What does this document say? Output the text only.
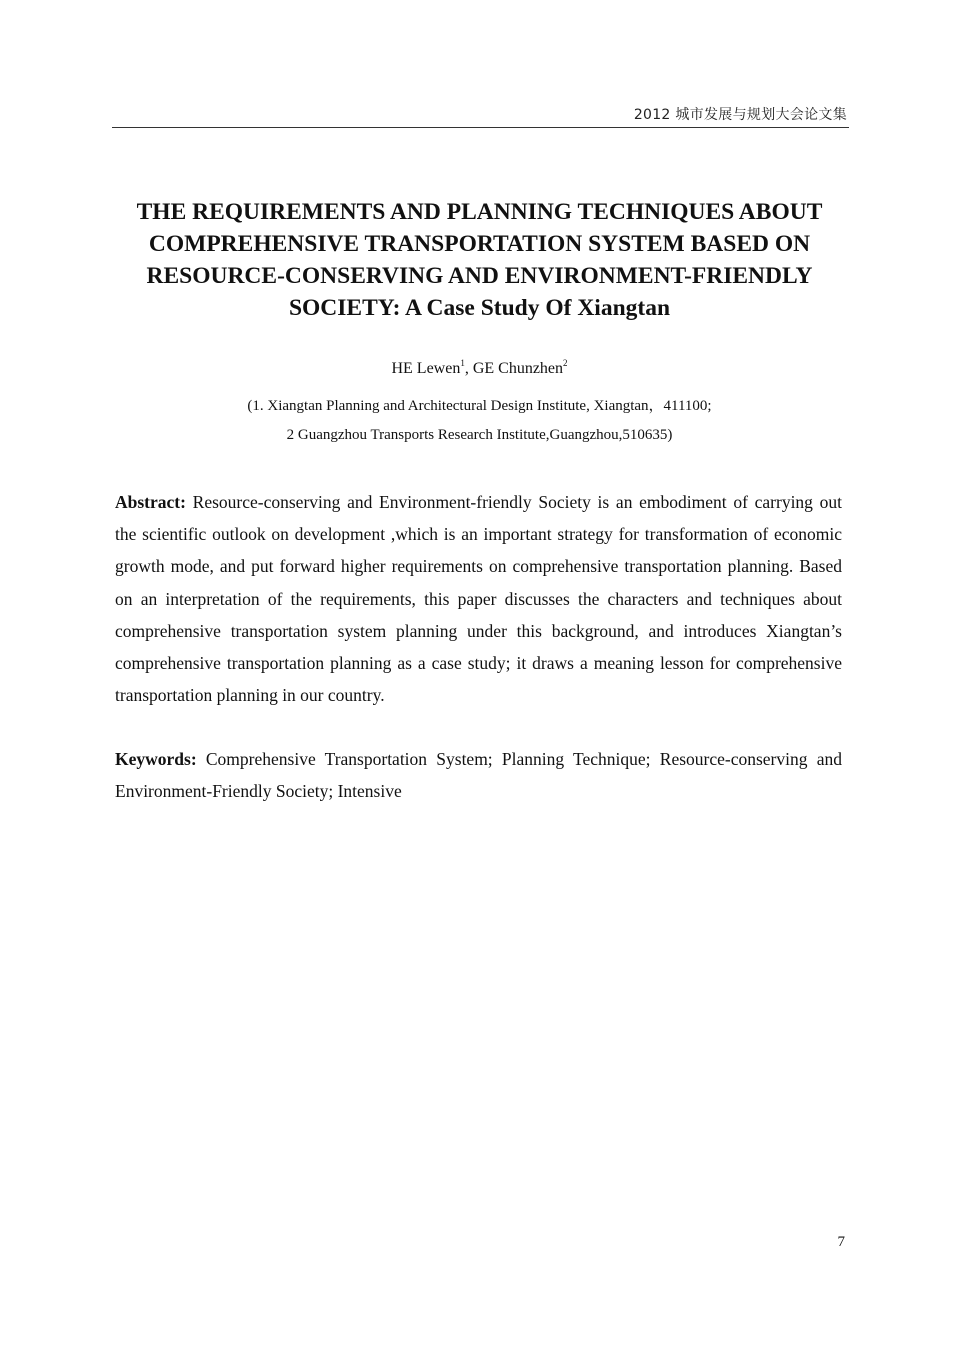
2012 城市发展与规划大会论文集
THE REQUIREMENTS AND PLANNING TECHNIQUES ABOUT
COMPREHENSIVE TRANSPORTATION SYSTEM BASED ON
RESOURCE-CONSERVING AND ENVIRONMENT-FRIENDLY
SOCIETY: A Case Study Of Xiangtan
HE Lewen$^1$, GE Chunzhen$^2$
(1. Xiangtan Planning and Architectural Design Institute, Xiangtan，411100;
2 Guangzhou Transports Research Institute,Guangzhou,510635)

Abstract: Resource-conserving and Environment-friendly Society is an embodiment of carrying out the scientific outlook on development ,which is an important strategy for transformation of economic growth mode, and put forward higher requirements on comprehensive transportation planning. Based on an interpretation of the requirements, this paper discusses the characters and techniques about comprehensive transportation system planning under this background, and introduces Xiangtan’s comprehensive transportation planning as a case study; it draws a meaning lesson for comprehensive transportation planning in our country.

Keywords: Comprehensive Transportation System; Planning Technique; Resource-conserving and Environment-Friendly Society; Intensive

7
